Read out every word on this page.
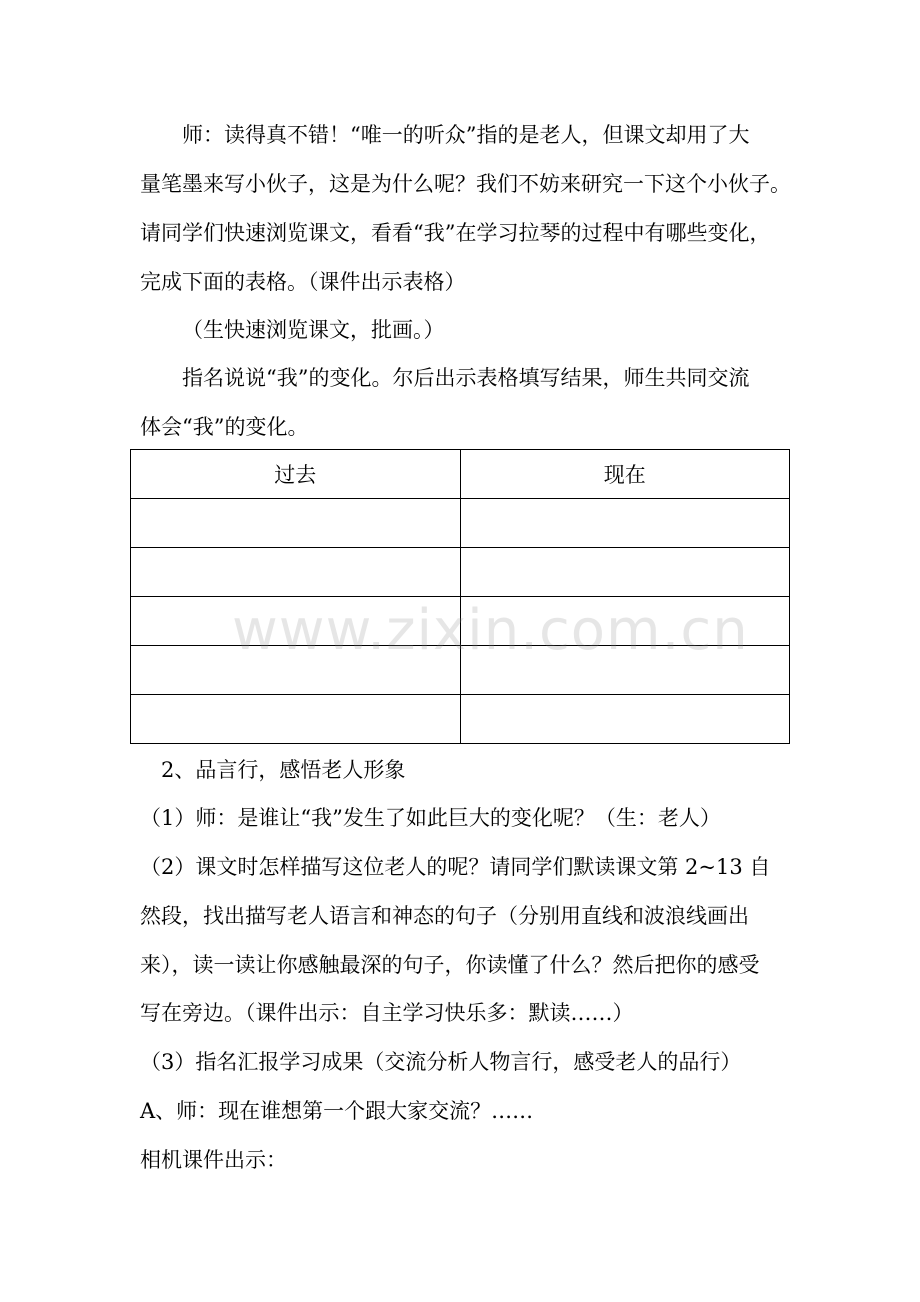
师：读得真不错！“唯一的听众”指的是老人，但课文却用了大
量笔墨来写小伙子，这是为什么呢？我们不妨来研究一下这个小伙子。
请同学们快速浏览课文，看看“我”在学习拉琴的过程中有哪些变化，
完成下面的表格。（课件出示表格）
（生快速浏览课文，批画。）
指名说说“我”的变化。尔后出示表格填写结果，师生共同交流
体会“我”的变化。
过去	现在

2、品言行，感悟老人形象
（1）师：是谁让“我”发生了如此巨大的变化呢？（生：老人）
（2）课文时怎样描写这位老人的呢？请同学们默读课文第 2~13 自
然段，找出描写老人语言和神态的句子（分别用直线和波浪线画出
来），读一读让你感触最深的句子，你读懂了什么？然后把你的感受
写在旁边。（课件出示：自主学习快乐多：默读……）
（3）指名汇报学习成果（交流分析人物言行，感受老人的品行）
A、师：现在谁想第一个跟大家交流？……
相机课件出示：
www.zixin.com.cn
